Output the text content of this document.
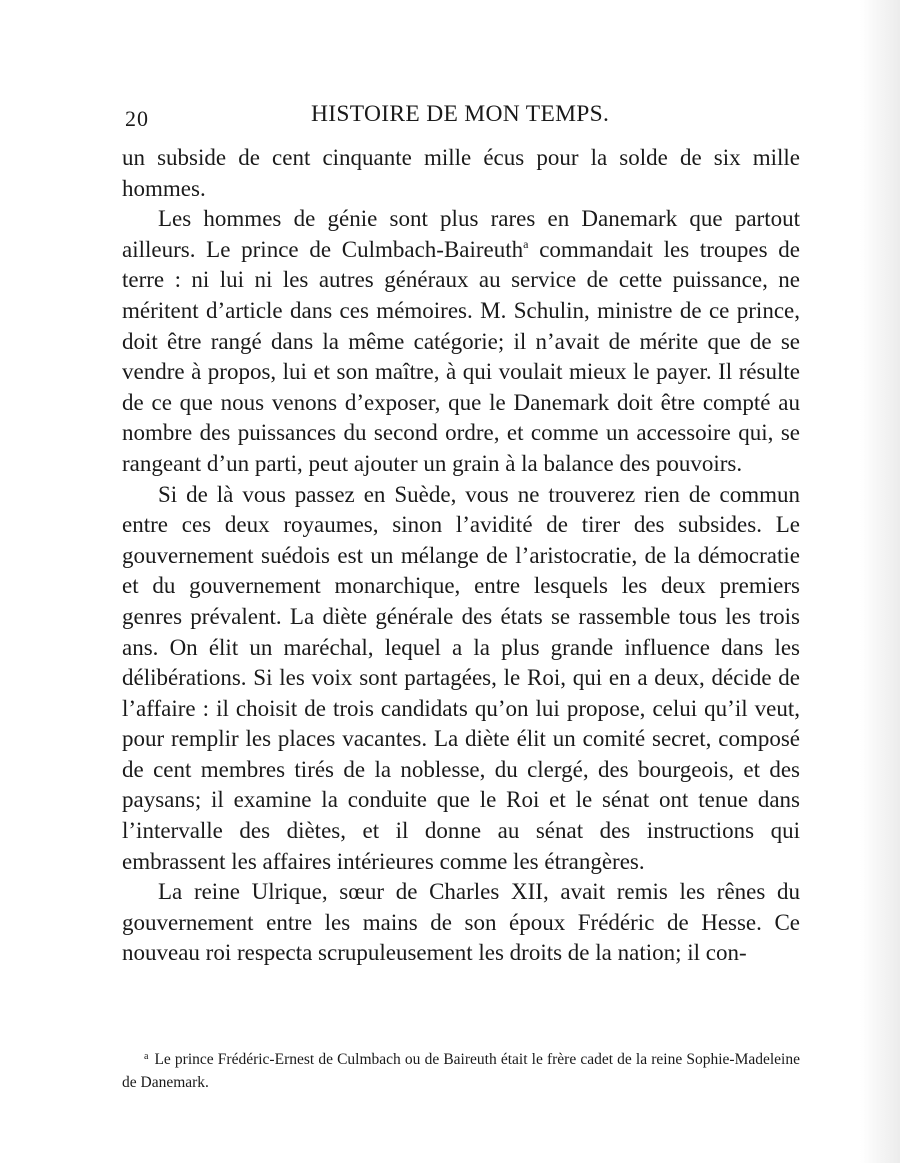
20	HISTOIRE DE MON TEMPS.

un subside de cent cinquante mille écus pour la solde de six mille hommes.

Les hommes de génie sont plus rares en Danemark que partout ailleurs. Le prince de Culmbach-Baireuth$^a$ commandait les troupes de terre : ni lui ni les autres généraux au service de cette puissance, ne méritent d’article dans ces mémoires. M. Schulin, ministre de ce prince, doit être rangé dans la même catégorie; il n’avait de mérite que de se vendre à propos, lui et son maître, à qui voulait mieux le payer. Il résulte de ce que nous venons d’exposer, que le Danemark doit être compté au nombre des puissances du second ordre, et comme un accessoire qui, se rangeant d’un parti, peut ajouter un grain à la balance des pouvoirs.

Si de là vous passez en Suède, vous ne trouverez rien de commun entre ces deux royaumes, sinon l’avidité de tirer des subsides. Le gouvernement suédois est un mélange de l’aristocratie, de la démocratie et du gouvernement monarchique, entre lesquels les deux premiers genres prévalent. La diète générale des états se rassemble tous les trois ans. On élit un maréchal, lequel a la plus grande influence dans les délibérations. Si les voix sont partagées, le Roi, qui en a deux, décide de l’affaire : il choisit de trois candidats qu’on lui propose, celui qu’il veut, pour remplir les places vacantes. La diète élit un comité secret, composé de cent membres tirés de la noblesse, du clergé, des bourgeois, et des paysans; il examine la conduite que le Roi et le sénat ont tenue dans l’intervalle des diètes, et il donne au sénat des instructions qui embrassent les affaires intérieures comme les étrangères.

La reine Ulrique, sœur de Charles XII, avait remis les rênes du gouvernement entre les mains de son époux Frédéric de Hesse. Ce nouveau roi respecta scrupuleusement les droits de la nation; il con-

$^a$ Le prince Frédéric-Ernest de Culmbach ou de Baireuth était le frère cadet de la reine Sophie-Madeleine de Danemark.
